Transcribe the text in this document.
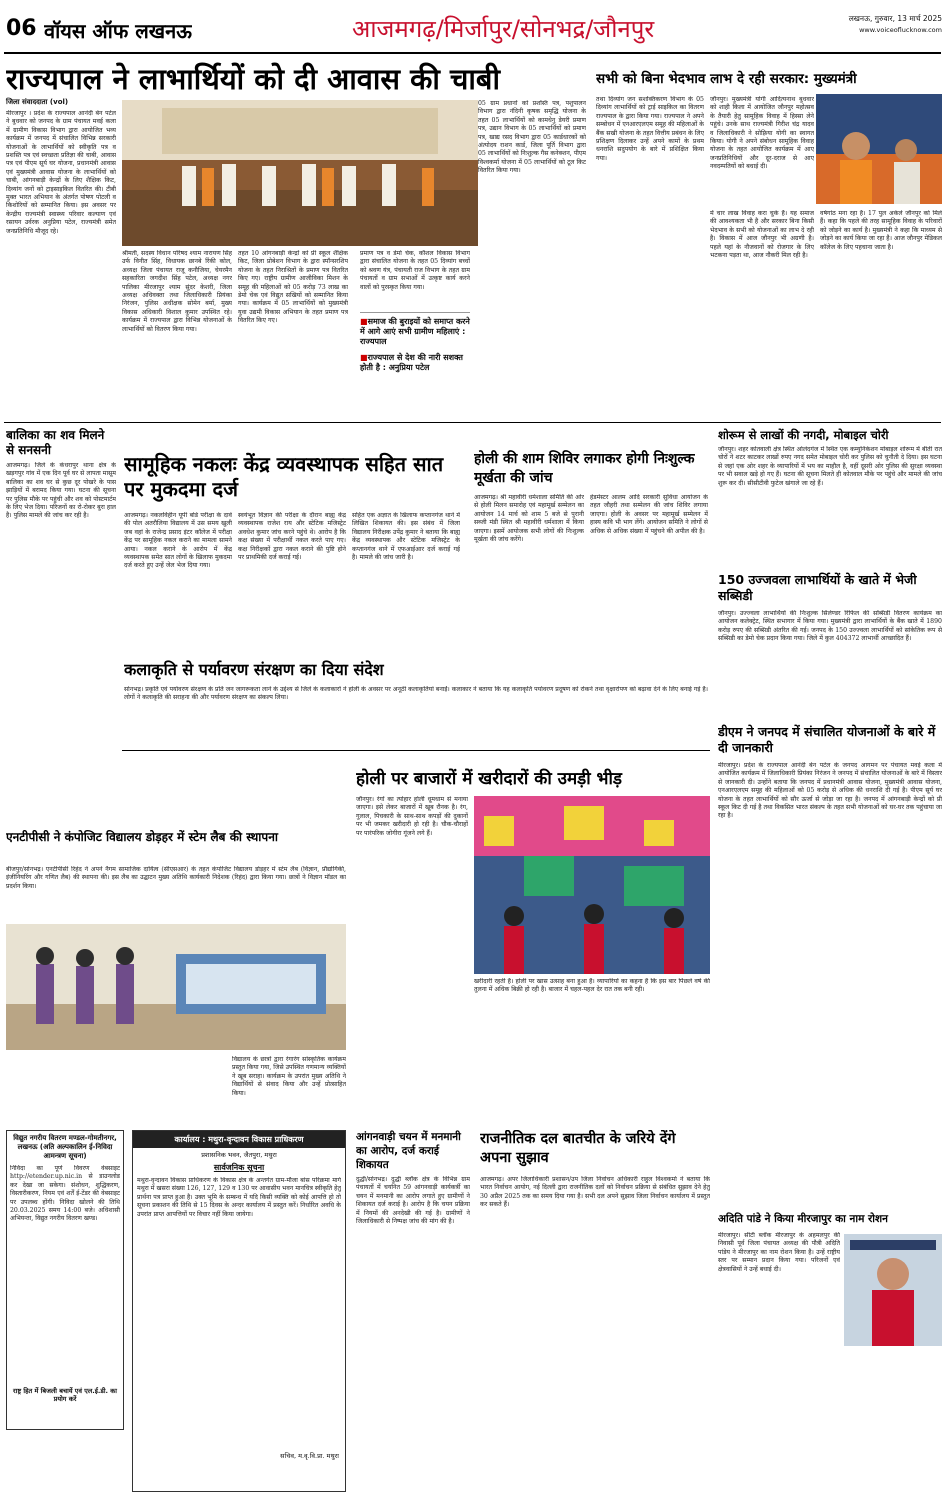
06 वॉयस ऑफ लखनऊ	आजमगढ़/मिर्जापुर/सोनभद्र/जौनपुर	लखनऊ, गुरुवार, 13 मार्च 2025
www.voiceoflucknow.com
राज्यपाल ने लाभार्थियों को दी आवास की चाबी
जिला संवाददाता (vol)
मीरजापुर । प्रदेश के राज्यपाल आनंदी बेन पटेल ने बुधवार को जनपद के ग्राम पंचायत मवई कला में ग्रामीण विकास विभाग द्वारा आयोजित भव्य कार्यक्रम में जनपद में संचालित विभिन्न सरकारी योजनाओं के लाभार्थियों को स्वीकृति पत्र व प्रशस्ति पत्र एवं स्वच्छता प्रतिज्ञा की चाबी, आवास पत्र एवं पीएम सूर्य घर योजना, प्रधानमंत्री आवास एवं मुख्यमंत्री आवास योजना के लाभार्थियों को चाबी, आंगनबाड़ी केन्द्रों के लिए शैक्षिक किट, दिव्यांग जनों को ट्राइसाइकिल वितरित की। टीबी मुक्त भारत अभियान के अंतर्गत पोषण पोटली व किशोरियों को सम्मानित किया। इस अवसर पर केन्द्रीय राज्यमंत्री स्वास्थ्य परिवार कल्याण एवं रसायन उर्वरक अनुप्रिया पटेल, राज्यमंत्री समेत जनप्रतिनिधि मौजूद रहे।
श्रीमती, सदस्य विधान परिषद श्याम नारायण सिंह उर्फ विनीत सिंह, विधायक छानबे रिंकी कोल, अध्यक्ष जिला पंचायत राजू कनौजिया, चेयरमैन सहकारिता जगदीश सिंह पटेल, अध्यक्ष नगर पालिका मीरजापुर श्याम सुंदर केशरी, जिला अध्यक्ष अधिवक्ता तथा जिलाधिकारी प्रियंका निरंजन, पुलिस अधीक्षक सोमेन बर्मा, मुख्य विकास अधिकारी विशाल कुमार उपस्थित रहे। कार्यक्रम में राज्यपाल द्वारा विभिन्न योजनाओं के लाभार्थियों को वितरण किया गया।
तहत 10 आंगनबाड़ी केन्द्रों को प्री स्कूल शैक्षिक किट, जिला प्रोबेशन विभाग के द्वारा स्पॉन्सरशिप योजना के तहत निराश्रितों के प्रमाण पत्र वितरित किए गए। राष्ट्रीय ग्रामीण आजीविका मिशन के समूह की महिलाओं को 05 करोड़ 73 लाख का डेमो चेक एवं विद्युत सखियों को सम्मानित किया गया। कार्यक्रम में 05 लाभार्थियों को मुख्यमंत्री युवा उद्यमी विकास अभियान के तहत प्रमाण पत्र वितरित किए गए।
प्रमाण पत्र व डेमो चेक, कौशल विकास विभाग द्वारा संचालित योजना के तहत 05 दिव्यांग बच्चों को श्रवण यंत्र, पंचायती राज विभाग के तहत ग्राम पंचायतों व ग्राम सभाओं में उत्कृष्ट कार्य करने वालों को पुरस्कृत किया गया।
■ समाज की बुराइयों को समाप्त करने में आगे आएं सभी ग्रामीण महिलाएं : राज्यपाल
■ राज्यपाल से देश की नारी सशक्त होती है : अनुप्रिया पटेल
05 ग्राम प्रधानों को प्रशस्ति पत्र, पशुपालन विभाग द्वारा नंदिनी कृषक समृद्धि योजना के तहत 05 लाभार्थियों को कामधेनु डेयरी प्रमाण पत्र, उद्यान विभाग के 05 लाभार्थियों को प्रमाण पत्र, खाद्य रसद विभाग द्वारा 05 कार्डधारकों को अंत्योदय राशन कार्ड, जिला पूर्ति विभाग द्वारा 05 लाभार्थियों को निःशुल्क गैस कनेक्शन, पीएम विश्वकर्मा योजना में 05 लाभार्थियों को टूल किट वितरित किया गया।
सभी को बिना भेदभाव लाभ दे रही सरकार: मुख्यमंत्री
तथा दिव्यांग जन सशक्तिकरण विभाग के 05 दिव्यांग लाभार्थियों को ट्राई साइकिल का वितरण राज्यपाल के द्वारा किया गया। राज्यपाल ने अपने सम्बोधन में एनआरएलएम समूह की महिलाओं के बैंक सखी योजना के तहत वित्तीय प्रबंधन के लिए प्रशिक्षण दिलाकर उन्हें अपने कामों के प्रथम धनराशि सदुपयोग के बारे में प्रशिक्षित किया गया।
जौनपुर। मुख्यमंत्री योगी आदित्यनाथ बुधवार को शाही किला में आयोजित जौनपुर महोत्सव के तैयारी हेतु सामूहिक विवाह में हिस्सा लेने पहुंचे। उनके साथ राज्यमंत्री गिरीश चंद्र यादव व जिलाधिकारी ने सोफ़्रिया योगी का स्वागत किया। योगी ने अपने संबोधन सामूहिक विवाह योजना के तहत आयोजित कार्यक्रम में आए जनप्रतिनिधियों और दूर-दराज से आए नवदम्पतियों को बधाई दी।
में चार लाख विवाह करा चुके हैं। यह समाज की आवश्यकता भी है और सरकार बिना किसी भेदभाव के सभी को योजनाओं का लाभ दे रही है। विकास में आज जौनपुर भी अग्रणी है। पहले यहां के नौजवानों को रोजगार के लिए भटकना पड़ता था, आज नौकरी मिल रही है।
वर्षगांठ मना रहा है। 17 पुल अकेले जौनपुर को मिले हैं। कहा कि पहले की तरह सामूहिक विवाह के परिवारों को जोड़ने का कार्य है। मुख्यमंत्री ने कहा कि माध्यम से जोड़ने का कार्य किया जा रहा है। आज जौनपुर मेडिकल कॉलेज के लिए पहचाना जाता है।
बालिका का शव मिलने से सनसनी
आजमगढ़। जिले के कंधरापुर थाना क्षेत्र के खड़गपुर गांव में एक दिन पूर्व घर से लापता मासूम बालिका का शव घर से कुछ दूर पोखरे के पास झाड़ियों में बरामद किया गया। घटना की सूचना पर पुलिस मौके पर पहुंची और शव को पोस्टमार्टम के लिए भेज दिया। परिजनों का रो-रोकर बुरा हाल है। पुलिस मामले की जांच कर रही है।
सामूहिक नकलः केंद्र व्यवस्थापक सहित सात पर मुकदमा दर्ज
आजमगढ़। नकलविहीन यूपी बोर्ड परीक्षा के दावे की पोल अतरौलिया विद्यालय में उस समय खुली जब वहां के राजेन्द्र प्रसाद इंटर कॉलेज में परीक्षा केंद्र पर सामूहिक नकल कराने का मामला सामने आया। नकल कराने के आरोप में केंद्र व्यवस्थापक समेत सात लोगों के खिलाफ मुकदमा दर्ज करते हुए उन्हें जेल भेज दिया गया।
स्वयंभूत विज्ञान की परीक्षा के दौरान बाह्य केंद्र व्यवस्थापक राजेश राय और स्टेटिक मजिस्ट्रेट अवधेश कुमार जांच करने पहुंचे थे। आरोप है कि कक्ष संख्या में परीक्षार्थी नकल करते पाए गए। कक्ष निरीक्षकों द्वारा नकल कराने की पुष्टि होने पर प्राथमिकी दर्ज कराई गई।
सहित एक अज्ञात के खिलाफ कप्तानगंज थाने में लिखित शिकायत की। इस संबंध में जिला विद्यालय निरीक्षक उपेंद्र कुमार ने बताया कि बाह्य केंद्र व्यवस्थापक और स्टेटिक मजिस्ट्रेट के कप्तानगंज थाने में एफआईआर दर्ज कराई गई है। मामले की जांच जारी है।
होली की शाम शिविर लगाकर होगी निःशुल्क मूर्खता की जांच
आजमगढ़। श्री महावीरी धर्मशाला समिति की ओर से होली मिलन समारोह एवं महामूर्ख सम्मेलन का आयोजन 14 मार्च को शाम 5 बजे से पुरानी सब्जी मंडी स्थित श्री महावीरी धर्मशाला में किया जाएगा। इसमें आयोजक सभी लोगों की निःशुल्क मूर्खता की जांच करेंगे।
हेडमेस्टर आलम आदि सरकारी सुविधा आयोजन के तहत जौहरी तथा सम्मेलन की जांच शिविर लगाया जाएगा। होली के अवसर पर महामूर्ख सम्मेलन में हास्य कवि भी भाग लेंगे। आयोजन समिति ने लोगों से अधिक से अधिक संख्या में पहुंचने की अपील की है।
शोरूम से लाखों की नगदी, मोबाइल चोरी
जौनपुर। शहर कोतवाली क्षेत्र स्थित ओलंदगंज में स्थित एक कम्युनिकेशन मोबाइल शोरूम में बीती रात चोरों ने शटर काटकर लाखों रुपए नगद समेत मोबाइल चोरी कर पुलिस को चुनौती दे दिया। इस घटना से जहां एक ओर शहर के व्यापारियों में भय का माहौल है, वहीं दूसरी ओर पुलिस की सुरक्षा व्यवस्था पर भी सवाल खड़े हो गए हैं। घटना की सूचना मिलते ही कोतवाल मौके पर पहुंचे और मामले की जांच शुरू कर दी। सीसीटीवी फुटेज खंगाले जा रहे हैं।
150 उज्जवला लाभार्थियों के खाते में भेजी सब्सिडी
जौनपुर। उज्ज्वला लाभार्थियों की निःशुल्क सिलेण्डर रिफिल की सब्सिडी वितरण कार्यक्रम का आयोजन कलेक्ट्रेट, स्थित सभागार में किया गया। मुख्यमंत्री द्वारा लाभार्थियों के बैंक खाते में 1890 करोड़ रुपए की सब्सिडी अंतरित की गई। जनपद के 150 उज्ज्वला लाभार्थियों को सांकेतिक रूप से सब्सिडी का डेमो चेक प्रदान किया गया। जिले में कुल 404372 लाभार्थी आच्छादित हैं।
डीएम ने जनपद में संचालित योजनाओं के बारे में दी जानकारी
मीरजापुर। प्रदेश के राज्यपाल आनंदी बेन पटेल के जनपद आगमन पर पंचायत मवई कला में आयोजित कार्यक्रम में जिलाधिकारी प्रियंका निरंजन ने जनपद में संचालित योजनाओं के बारे में विस्तार से जानकारी दी। उन्होंने बताया कि जनपद में प्रधानमंत्री आवास योजना, मुख्यमंत्री आवास योजना, एनआरएलएम समूह की महिलाओं को 05 करोड़ से अधिक की धनराशि दी गई है। पीएम सूर्य घर योजना के तहत लाभार्थियों को सौर ऊर्जा से जोड़ा जा रहा है। जनपद में आंगनबाड़ी केन्द्रों को प्री स्कूल किट दी गई है तथा विकसित भारत संकल्प के तहत सभी योजनाओं को घर-घर तक पहुंचाया जा रहा है।
कलाकृति से पर्यावरण संरक्षण का दिया संदेश
सोनभद्र। प्रकृति एवं पर्यावरण संरक्षण के प्रति जन जागरूकता लाने के उद्देश्य से जिले के कलाकारों ने होली के अवसर पर अनूठी कलाकृतियां बनाईं। कलाकार ने बताया कि यह कलाकृति पर्यावरण प्रदूषण को रोकने तथा वृक्षारोपण को बढ़ावा देने के लिए बनाई गई है। लोगों ने कलाकृति की सराहना की और पर्यावरण संरक्षण का संकल्प लिया।
एनटीपीसी ने कंपोजिट विद्यालय डोड़हर में स्टेम लैब की स्थापना
बीजपुर/सोनभद्र। एनटीपीसी रिहंद ने अपने नैगम सामाजिक दायित्व (सीएसआर) के तहत कंपोजिट विद्यालय डोड़हर में स्टेम लैब (विज्ञान, प्रौद्योगिकी, इंजीनियरिंग और गणित लैब) की स्थापना की। इस लैब का उद्घाटन मुख्य अतिथि कार्यकारी निदेशक (रिहंद) द्वारा किया गया। छात्रों ने विज्ञान मॉडल का प्रदर्शन किया।
विद्यालय के छात्रों द्वारा रंगारंग सांस्कृतिक कार्यक्रम प्रस्तुत किया गया, जिसे उपस्थित गणमान्य व्यक्तियों ने खूब सराहा। कार्यक्रम के उपरांत मुख्य अतिथि ने विद्यार्थियों से संवाद किया और उन्हें प्रोत्साहित किया।
विद्युत नगरीय वितरण मण्डल-गोमतीनगर, लखनऊ (अति अल्पकालिन ई-निविदा आमन्त्रण सूचना)
निविदा का पूर्ण विवरण वेबसाइट http://etender.up.nic.in से डाउनलोड कर देखा जा सकेगा। संशोधन, शुद्धिकरण, विस्तारीकरण, नियम एवं शर्तें ई-टेंडर की वेबसाइट पर उपलब्ध होंगी। निविदा खोलने की तिथि 20.03.2025 समय 14:00 बजे। अधिशासी अभियन्ता, विद्युत नगरीय वितरण खण्ड।
राष्ट्र हित में बिजली बचायें एवं एल.ई.डी. का प्रयोग करें
कार्यालय : मथुरा-वृन्दावन विकास प्राधिकरण
प्रशासनिक भवन, जैतपुरा, मथुरा
सार्वजनिक सूचना
मथुरा-वृन्दावन विकास प्राधिकरण के विकास क्षेत्र के अन्तर्गत ग्राम-मौजा बांस परिक्रमा मार्ग मथुरा में खसरा संख्या 126, 127, 129 व 130 पर आवासीय भवन मानचित्र स्वीकृति हेतु प्रार्थना पत्र प्राप्त हुआ है। उक्त भूमि के सम्बन्ध में यदि किसी व्यक्ति को कोई आपत्ति हो तो सूचना प्रकाशन की तिथि से 15 दिवस के अन्दर कार्यालय में प्रस्तुत करें। निर्धारित अवधि के उपरांत प्राप्त आपत्तियों पर विचार नहीं किया जायेगा।
सचिव, म.वृ.वि.प्रा. मथुरा
होली पर बाजारों में खरीदारों की उमड़ी भीड़
जौनपुर। रंगों का त्योहार होली धूमधाम से मनाया जाएगा। इसे लेकर बाजारों में खूब रौनक है। रंग, गुलाल, पिचकारी के साथ-साथ कपड़ों की दुकानों पर भी जमकर खरीदारी हो रही है। चौक-चौराहों पर पारंपरिक जोगीरा गूंजने लगे हैं।
खरीदारी रहती है। होली पर खास उत्साह बना हुआ है। व्यापारियों का कहना है कि इस बार पिछले वर्ष की तुलना में अधिक बिक्री हो रही है। बाजार में चहल-पहल देर रात तक बनी रही।
आंगनवाड़ी चयन में मनमानी का आरोप, दर्ज कराई शिकायत
दुद्धी/सोनभद्र। दुद्धी ब्लॉक क्षेत्र के विभिन्न ग्राम पंचायतों में चयनित 59 आंगनवाड़ी कार्यकर्त्री का चयन में मनमानी का आरोप लगाते हुए ग्रामीणों ने शिकायत दर्ज कराई है। आरोप है कि चयन प्रक्रिया में नियमों की अनदेखी की गई है। ग्रामीणों ने जिलाधिकारी से निष्पक्ष जांच की मांग की है।
राजनीतिक दल बातचीत के जरिये देंगे अपना सुझाव
आजमगढ़। अपर जिलाधिकारी प्रशासन/उप जिला निर्वाचन अधिकारी राहुल विश्वकर्मा ने बताया कि भारत निर्वाचन आयोग, नई दिल्ली द्वारा राजनीतिक दलों को निर्वाचन प्रक्रिया से संबंधित सुझाव देने हेतु 30 अप्रैल 2025 तक का समय दिया गया है। सभी दल अपने सुझाव जिला निर्वाचन कार्यालय में प्रस्तुत कर सकते हैं।
अदिति पांडे ने किया मीरजापुर का नाम रोशन
मीरजापुर। सीटी ब्लॉक मीरजापुर के अहमलपुर की निवासी पूर्व जिला पंचायत अध्यक्ष की पौत्री अदिति पांडेय ने मीरजापुर का नाम रोशन किया है। उन्हें राष्ट्रीय स्तर पर सम्मान प्रदान किया गया। परिजनों एवं क्षेत्रवासियों ने उन्हें बधाई दी।
